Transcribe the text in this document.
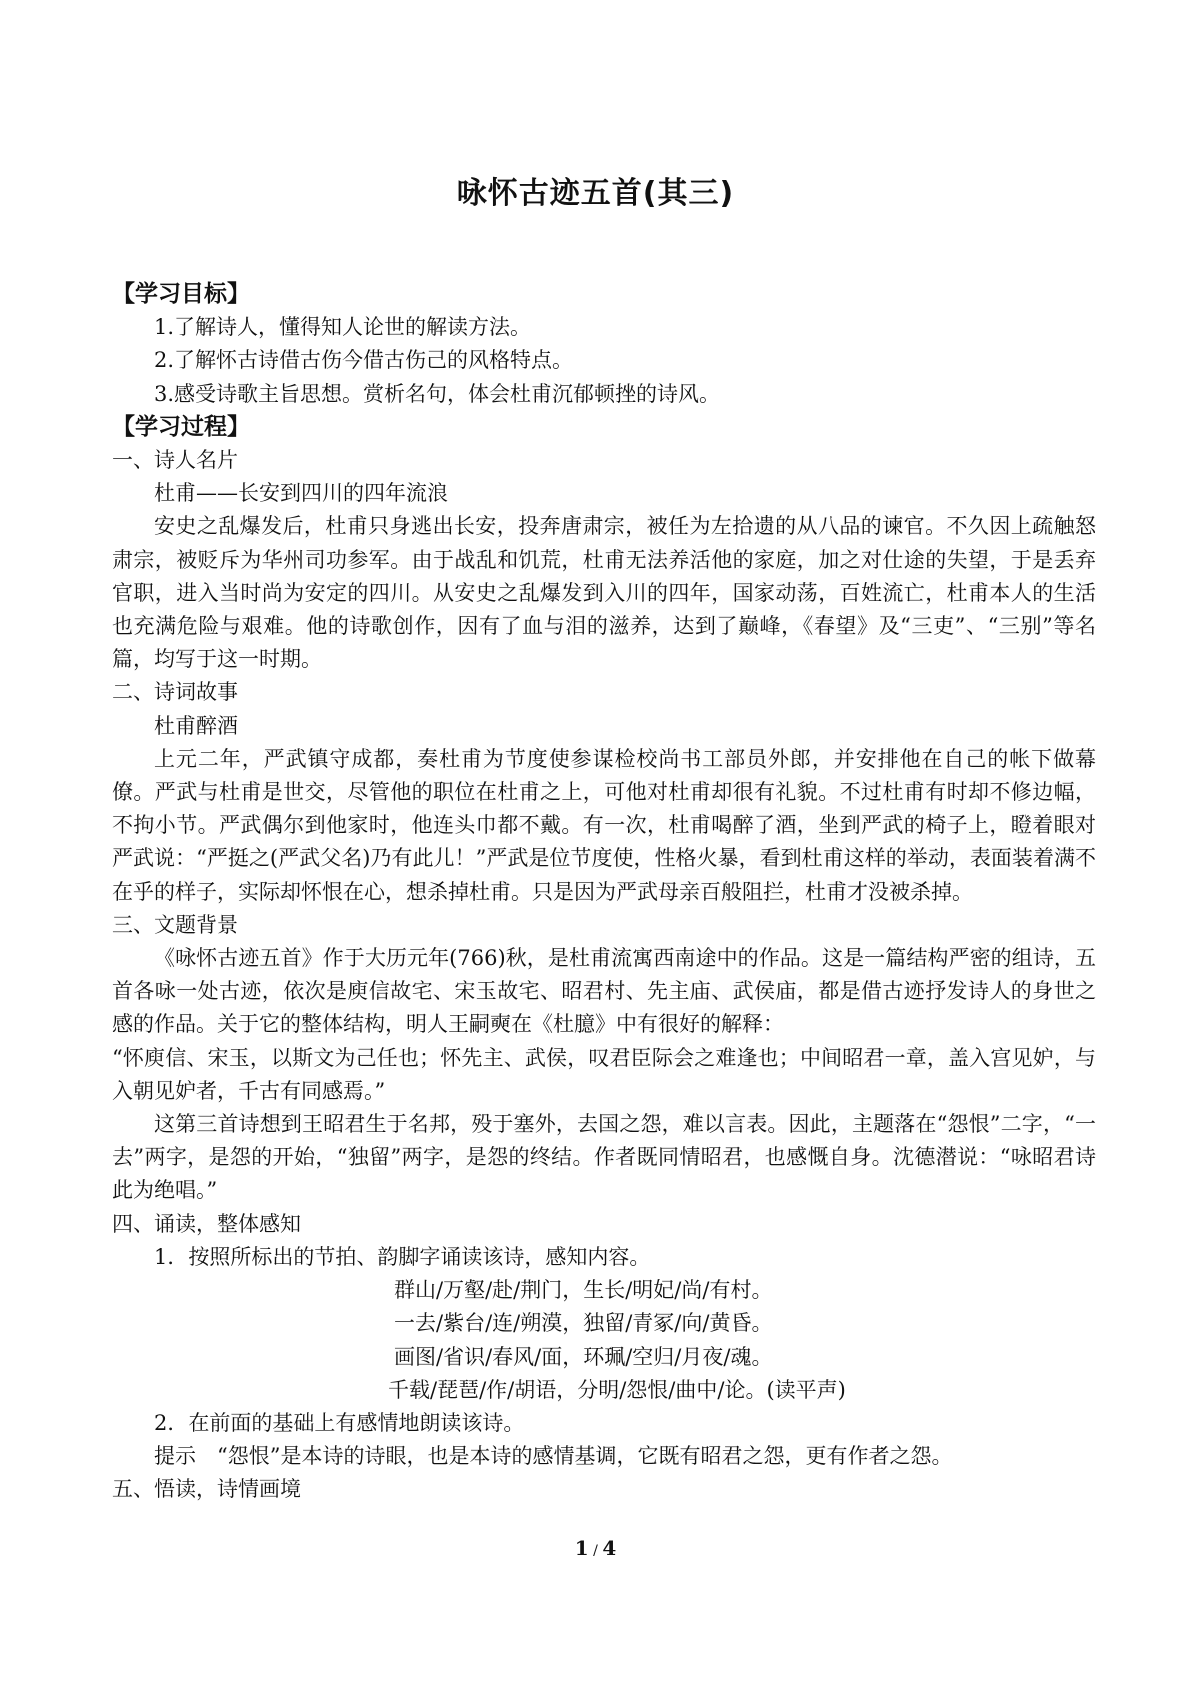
咏怀古迹五首(其三)

【学习目标】

1.了解诗人，懂得知人论世的解读方法。

2.了解怀古诗借古伤今借古伤己的风格特点。

3.感受诗歌主旨思想。赏析名句，体会杜甫沉郁顿挫的诗风。

【学习过程】

一、诗人名片

杜甫——长安到四川的四年流浪

安史之乱爆发后，杜甫只身逃出长安，投奔唐肃宗，被任为左拾遗的从八品的谏官。不久因上疏触怒肃宗，被贬斥为华州司功参军。由于战乱和饥荒，杜甫无法养活他的家庭，加之对仕途的失望，于是丢弃官职，进入当时尚为安定的四川。从安史之乱爆发到入川的四年，国家动荡，百姓流亡，杜甫本人的生活也充满危险与艰难。他的诗歌创作，因有了血与泪的滋养，达到了巅峰，《春望》及“三吏”、“三别”等名篇，均写于这一时期。

二、诗词故事

杜甫醉酒

上元二年，严武镇守成都，奏杜甫为节度使参谋检校尚书工部员外郎，并安排他在自己的帐下做幕僚。严武与杜甫是世交，尽管他的职位在杜甫之上，可他对杜甫却很有礼貌。不过杜甫有时却不修边幅，不拘小节。严武偶尔到他家时，他连头巾都不戴。有一次，杜甫喝醉了酒，坐到严武的椅子上，瞪着眼对严武说：“严挺之(严武父名)乃有此儿！”严武是位节度使，性格火暴，看到杜甫这样的举动，表面装着满不在乎的样子，实际却怀恨在心，想杀掉杜甫。只是因为严武母亲百般阻拦，杜甫才没被杀掉。

三、文题背景

《咏怀古迹五首》作于大历元年(766)秋，是杜甫流寓西南途中的作品。这是一篇结构严密的组诗，五首各咏一处古迹，依次是庾信故宅、宋玉故宅、昭君村、先主庙、武侯庙，都是借古迹抒发诗人的身世之感的作品。关于它的整体结构，明人王嗣奭在《杜臆》中有很好的解释：

“怀庾信、宋玉，以斯文为己任也；怀先主、武侯，叹君臣际会之难逢也；中间昭君一章，盖入宫见妒，与入朝见妒者，千古有同感焉。”

这第三首诗想到王昭君生于名邦，殁于塞外，去国之怨，难以言表。因此，主题落在“怨恨”二字，“一去”两字，是怨的开始，“独留”两字，是怨的终结。作者既同情昭君，也感慨自身。沈德潜说：“咏昭君诗此为绝唱。”

四、诵读，整体感知

1．按照所标出的节拍、韵脚字诵读该诗，感知内容。

群山/万壑/赴/荆门，生长/明妃/尚/有村。

一去/紫台/连/朔漠，独留/青冢/向/黄昏。

画图/省识/春风/面，环珮/空归/月夜/魂。

千载/琵琶/作/胡语，分明/怨恨/曲中/论。(读平声)

2．在前面的基础上有感情地朗读该诗。

提示　“怨恨”是本诗的诗眼，也是本诗的感情基调，它既有昭君之怨，更有作者之怨。

五、悟读，诗情画境

1 / 4
